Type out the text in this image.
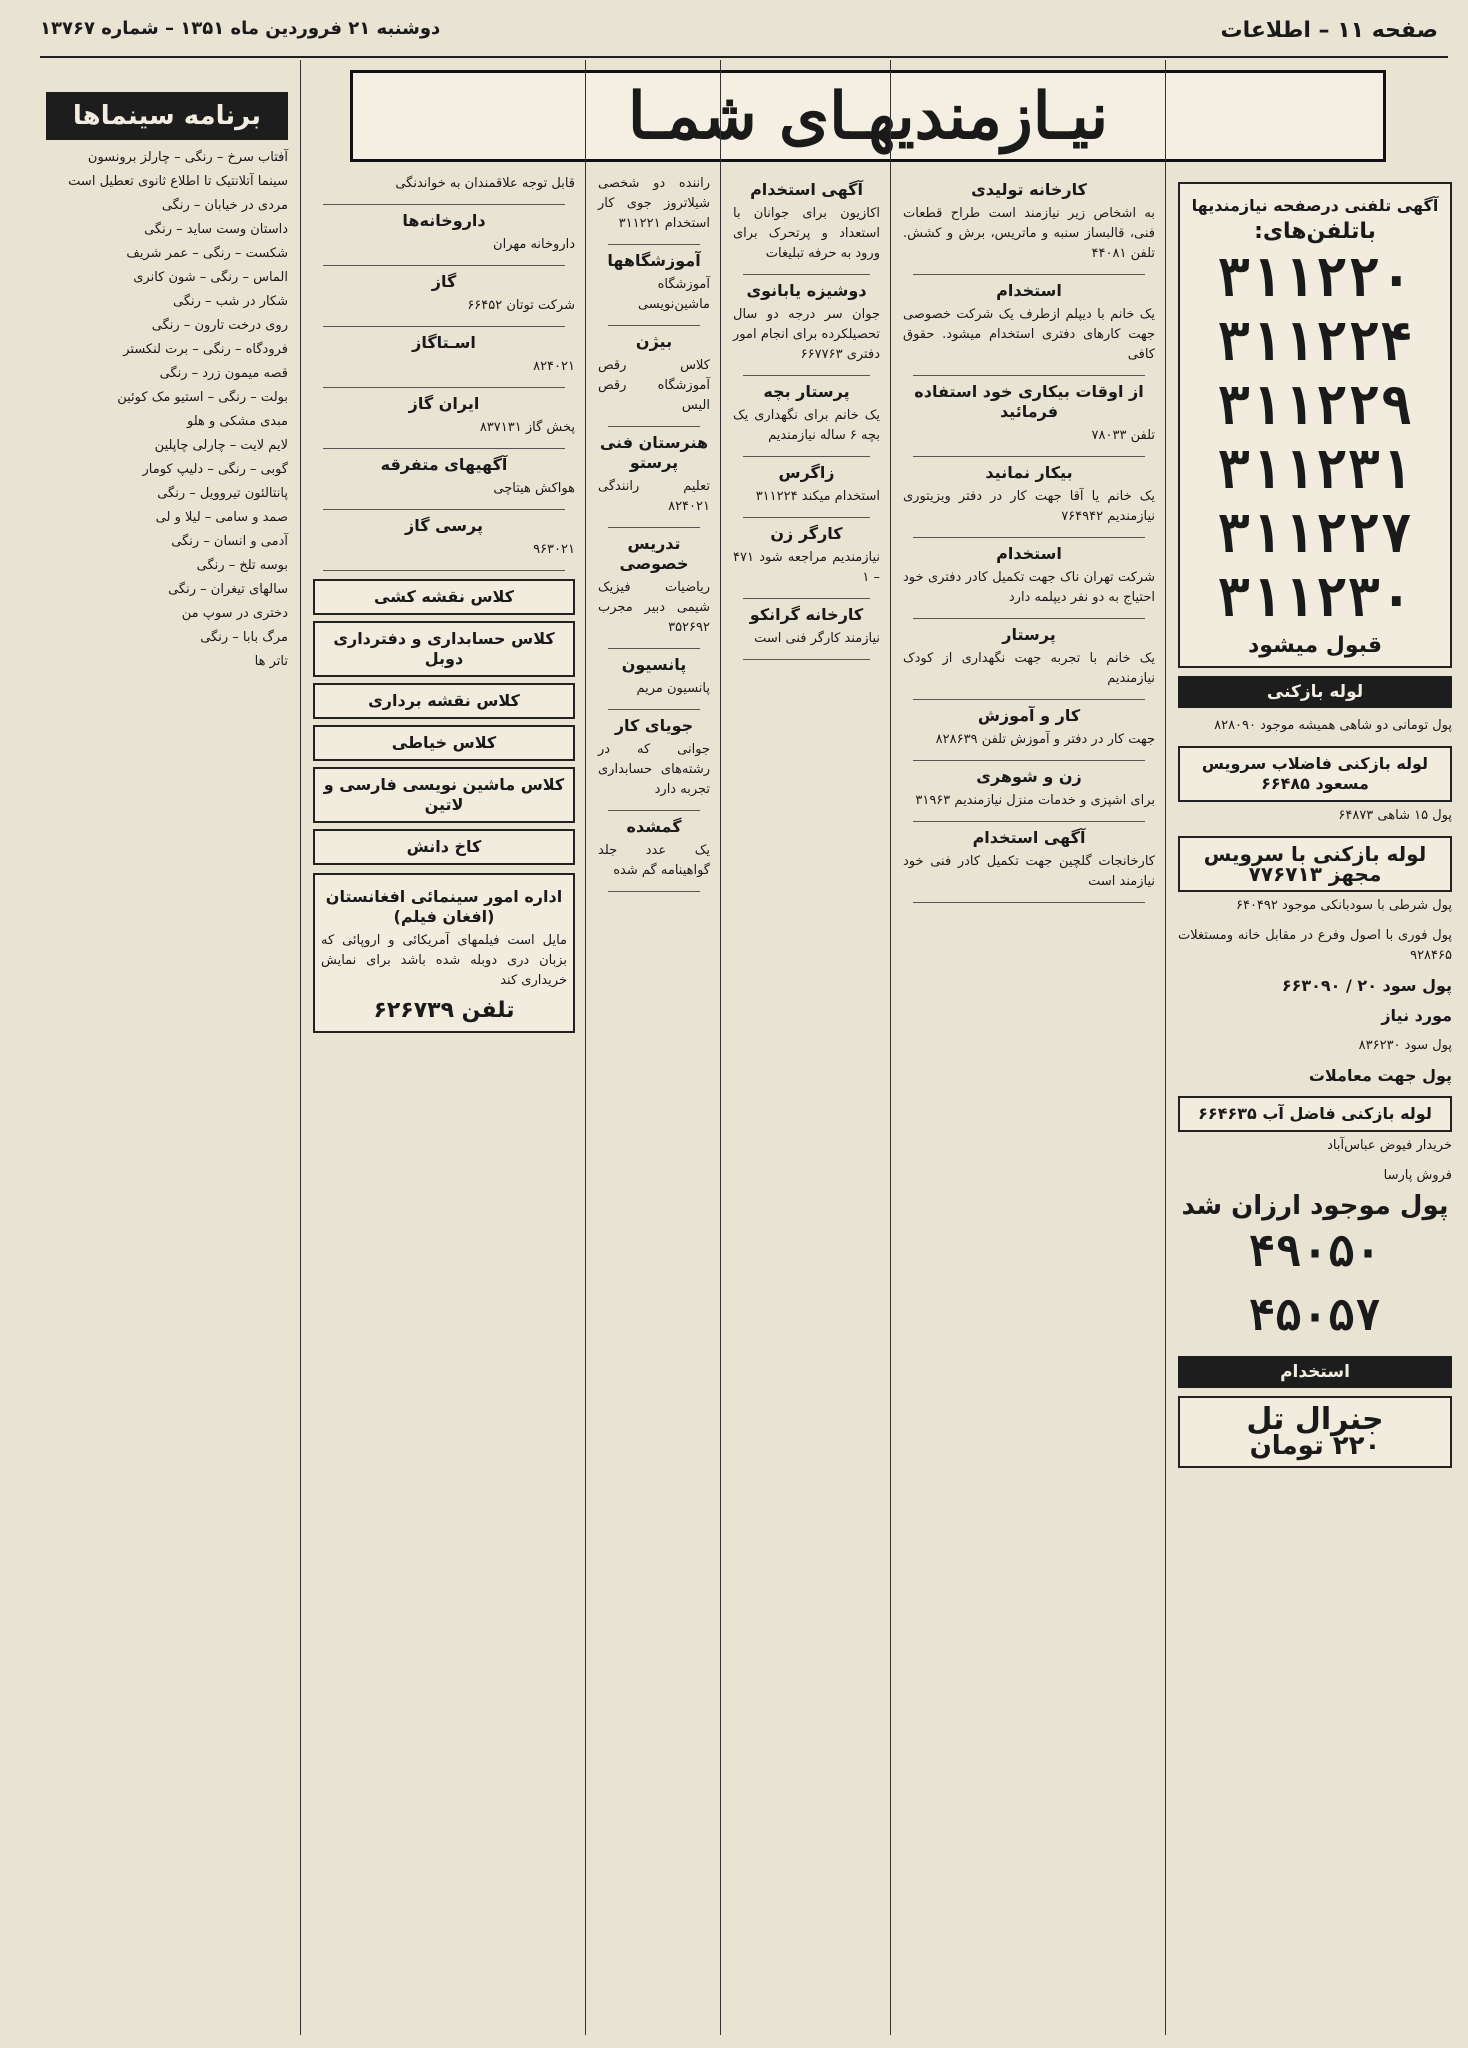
صفحه ۱۱ – اطلاعات
دوشنبه ۲۱ فروردین ماه ۱۳۵۱ – شماره ۱۳۷۶۷
نیـازمندیهـای شمـا
آگهی تلفنی درصفحه نیازمندیها
باتلفن‌های:
۳۱۱۲۲۰
۳۱۱۲۲۴
۳۱۱۲۲۹
۳۱۱۲۳۱
۳۱۱۲۲۷
۳۱۱۲۳۰
قبول میشود
لوله بازکنی
پول تومانی دو شاهی همیشه موجود ۸۲۸۰۹۰
لوله بازکنی فاضلاب سرویس مسعود ۶۶۴۸۵
پول ۱۵ شاهی ۶۴۸۷۳
لوله بازکنی با سرویس مجهز ۷۷۶۷۱۳
پول شرطی با سودبانکی موجود ۶۴۰۴۹۲
پول فوری با اصول وفرع در مقابل خانه ومستغلات ۹۲۸۴۶۵
پول سود ۲۰ / ۶۶۳۰۹۰
مورد نیاز
پول سود ۸۳۶۲۳۰
پول جهت معاملات
لوله بازکنی فاضل آب ۶۶۴۶۳۵
خریدار فیوض عباس‌آباد
فروش پارسا
پول موجود ارزان شد
۴۹۰۵۰
۴۵۰۵۷
استخدام
جنرال تل
۲۲۰ تومان
کارخانه تولیدی
به اشخاص زیر نیازمند است طراح قطعات فنی، قالبساز سنبه و ماتریس، برش و کشش. تلفن ۴۴۰۸۱
استخدام
یک خانم با دیپلم ازطرف یک شرکت خصوصی جهت کارهای دفتری استخدام میشود. حقوق کافی
از اوقات بیکاری خود استفاده فرمائید
تلفن ۷۸۰۳۳
بیکار نمانید
یک خانم یا آقا جهت کار در دفتر ویزیتوری نیازمندیم ۷۶۴۹۴۲
استخدام
شرکت تهران ناک جهت تکمیل کادر دفتری خود احتیاج به دو نفر دیپلمه دارد
پرستار
یک خانم با تجربه جهت نگهداری از کودک نیازمندیم
کار و آموزش
جهت کار در دفتر و آموزش تلفن ۸۲۸۶۳۹
زن و شوهری
برای اشپزی و خدمات منزل نیازمندیم ۳۱۹۶۳
آگهی استخدام
کارخانجات گلچین جهت تکمیل کادر فنی خود نیازمند است
آگهی استخدام
اکازیون برای جوانان با استعداد و پرتحرک برای ورود به حرفه تبلیغات
دوشیزه یابانوی
جوان سر درجه دو سال تحصیلکرده برای انجام امور دفتری ۶۶۷۷۶۳
پرستار بچه
یک خانم برای نگهداری یک بچه ۶ ساله نیازمندیم
زاگرس
استخدام میکند ۳۱۱۲۲۴
کارگر زن
نیازمندیم مراجعه شود ۴۷۱ – ۱
کارخانه گرانکو
نیازمند کارگر فنی است
راننده دو شخصی شیلاتروز جوی کار استخدام ۳۱۱۲۲۱
آموزشگاهها
آموزشگاه ماشین‌نویسی
بیژن
کلاس رقص آموزشگاه رقص الیس
هنرستان فنی پرستو
تعلیم رانندگی ۸۲۴۰۲۱
تدریس خصوصی
ریاضیات فیزیک شیمی دبیر مجرب ۳۵۲۶۹۲
پانسیون
پانسیون مریم
جویای کار
جوانی که در رشته‌های حسابداری تجربه دارد
گمشده
یک عدد جلد گواهینامه گم شده
قابل توجه علاقمندان به خواندنگی
داروخانه‌ها
داروخانه مهران
گاز
شرکت توتان ۶۶۴۵۲
اسـتاگاز
۸۲۴۰۲۱
ایران گاز
پخش گاز ۸۳۷۱۳۱
آگهیهای متفرقه
هواکش هیتاچی
پرسی گاز
۹۶۳۰۲۱
کلاس نقشه کشی
کلاس حسابداری و دفترداری دوبل
کلاس نقشه برداری
کلاس خیاطی
کلاس ماشین نویسی فارسی و لاتین
کاخ دانش
اداره امور سینمائی افغانستان (افغان فیلم)
مایل است فیلمهای آمریکائی و اروپائی که بزبان دری دوبله شده باشد برای نمایش خریداری کند
تلفن ۶۲۶۷۳۹
برنامه سینماها
آفتاب سرخ – رنگی – چارلز برونسون
سینما آتلانتیک تا اطلاع ثانوی تعطیل است
مردی در خیابان – رنگی
داستان وست ساید – رنگی
شکست – رنگی – عمر شریف
الماس – رنگی – شون کانری
شکار در شب – رنگی
روی درخت تارون – رنگی
فرودگاه – رنگی – برت لنکستر
قصه میمون زرد – رنگی
بولت – رنگی – استیو مک کوئین
مبدی مشکی و هلو
لایم لایت – چارلی چاپلین
گوبی – رنگی – دلیپ کومار
پانتالئون تیروویل – رنگی
صمد و سامی – لیلا و لی
آدمی و انسان – رنگی
بوسه تلخ – رنگی
سالهای تیغران – رنگی
دختری در سوپ من
مرگ بابا – رنگی
تاتر ها
